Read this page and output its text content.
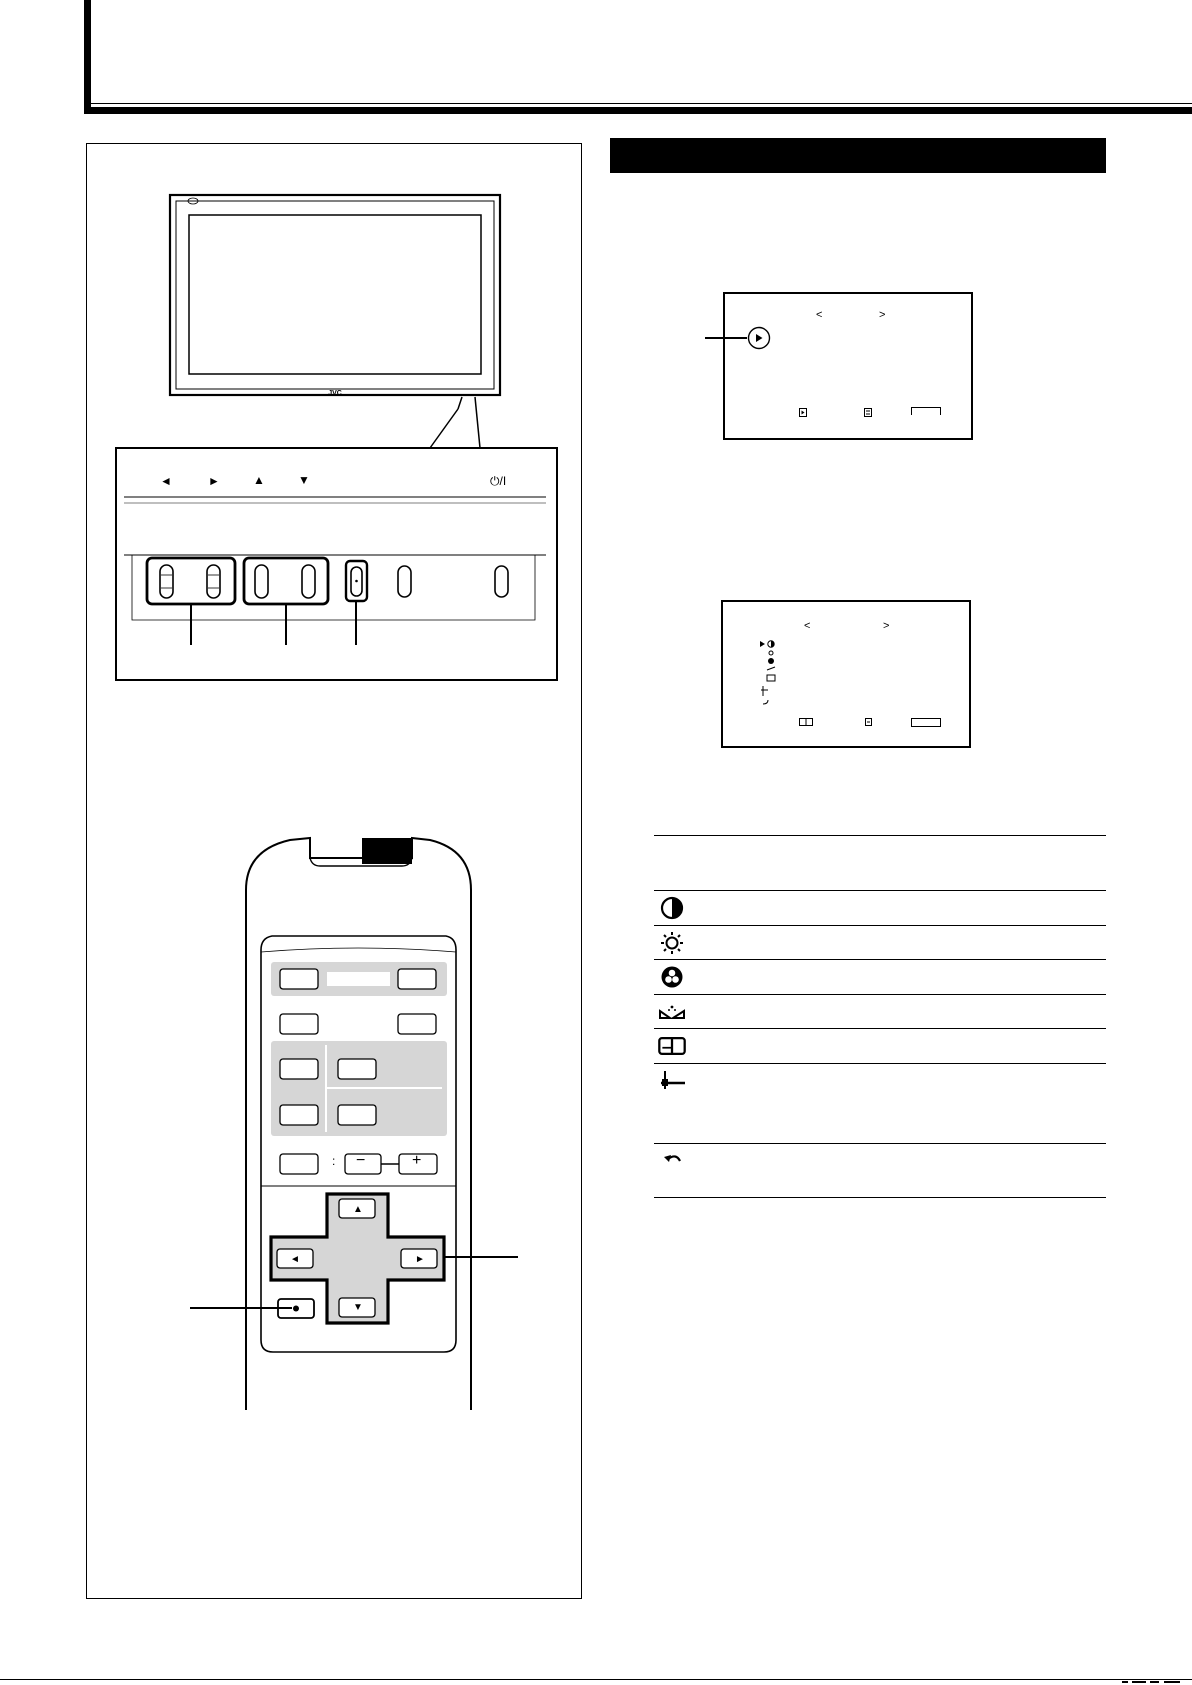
JVC
◄	►	▲	▼	⏻/I
: −	+
▲
▼
◄	►
<	>
<	>
